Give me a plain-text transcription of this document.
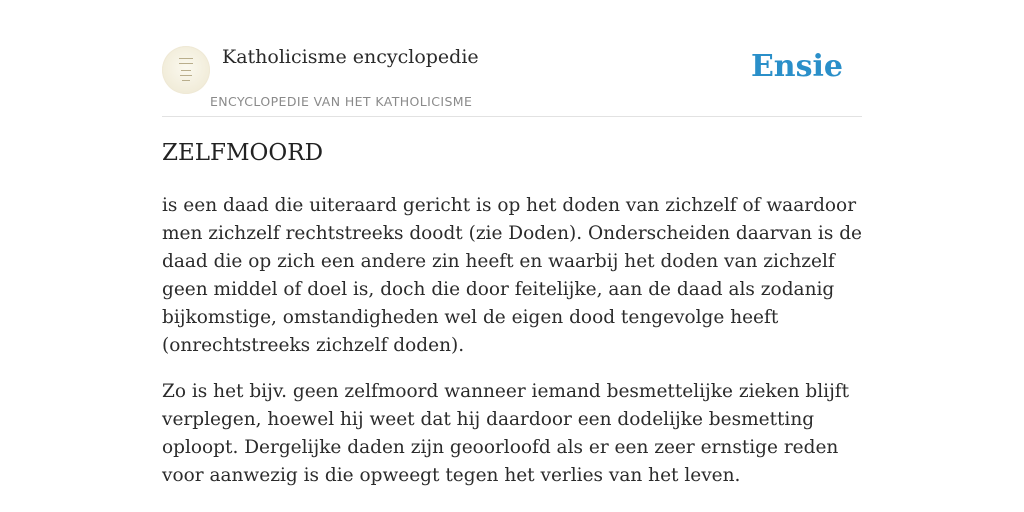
Katholicisme encyclopedie
ENCYCLOPEDIE VAN HET KATHOLICISME
Ensie
ZELFMOORD

is een daad die uiteraard gericht is op het doden van zichzelf of waardoor men zichzelf rechtstreeks doodt (zie Doden). Onderscheiden daarvan is de daad die op zich een andere zin heeft en waarbij het doden van zichzelf geen middel of doel is, doch die door feitelijke, aan de daad als zodanig bijkomstige, omstandigheden wel de eigen dood tengevolge heeft (onrechtstreeks zichzelf doden).

Zo is het bijv. geen zelfmoord wanneer iemand besmettelijke zieken blijft verplegen, hoewel hij weet dat hij daardoor een dodelijke besmetting oploopt. Dergelijke daden zijn geoorloofd als er een zeer ernstige reden voor aanwezig is die opweegt tegen het verlies van het leven.
